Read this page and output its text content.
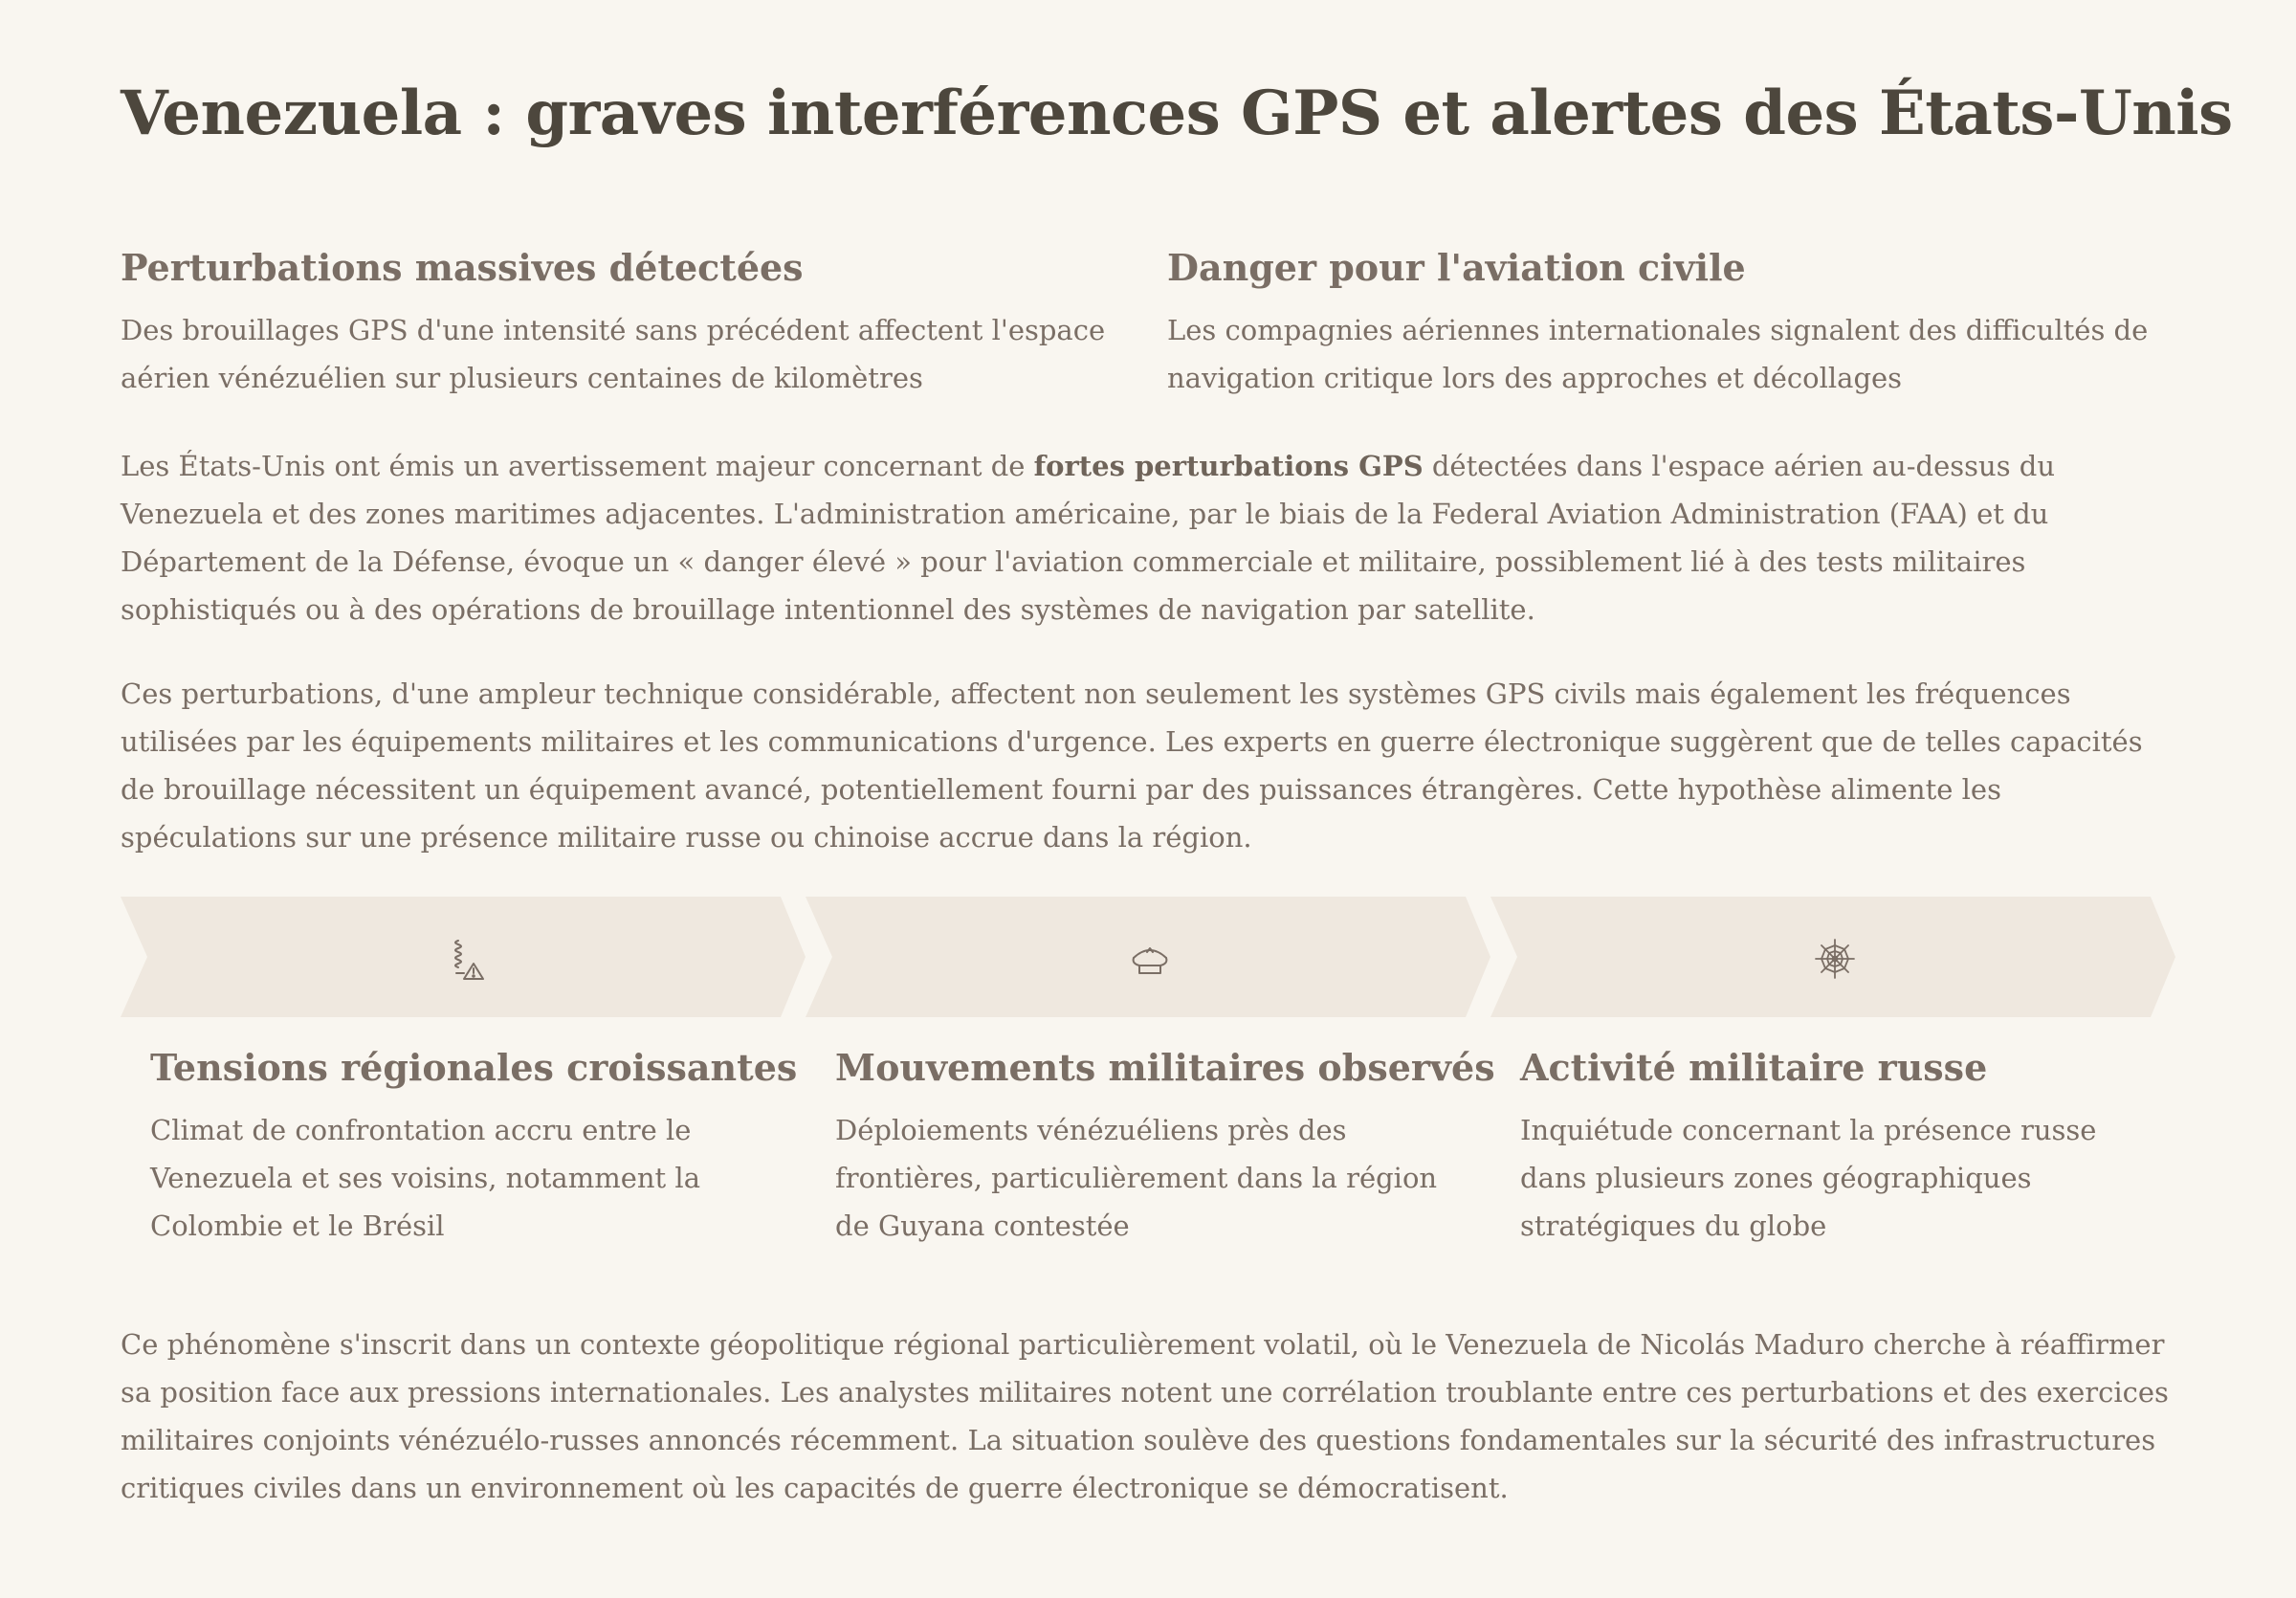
Venezuela : graves interférences GPS et alertes des États-Unis
Perturbations massives détectées

Des brouillages GPS d'une intensité sans précédent affectent l'espace aérien vénézuélien sur plusieurs centaines de kilomètres

Danger pour l'aviation civile

Les compagnies aériennes internationales signalent des difficultés de navigation critique lors des approches et décollages

Les États-Unis ont émis un avertissement majeur concernant de fortes perturbations GPS détectées dans l'espace aérien au-dessus du Venezuela et des zones maritimes adjacentes. L'administration américaine, par le biais de la Federal Aviation Administration (FAA) et du Département de la Défense, évoque un « danger élevé » pour l'aviation commerciale et militaire, possiblement lié à des tests militaires sophistiqués ou à des opérations de brouillage intentionnel des systèmes de navigation par satellite.

Ces perturbations, d'une ampleur technique considérable, affectent non seulement les systèmes GPS civils mais également les fréquences utilisées par les équipements militaires et les communications d'urgence. Les experts en guerre électronique suggèrent que de telles capacités de brouillage nécessitent un équipement avancé, potentiellement fourni par des puissances étrangères. Cette hypothèse alimente les spéculations sur une présence militaire russe ou chinoise accrue dans la région.

Tensions régionales croissantes

Climat de confrontation accru entre le Venezuela et ses voisins, notamment la Colombie et le Brésil

Mouvements militaires observés

Déploiements vénézuéliens près des frontières, particulièrement dans la région de Guyana contestée

Activité militaire russe

Inquiétude concernant la présence russe dans plusieurs zones géographiques stratégiques du globe

Ce phénomène s'inscrit dans un contexte géopolitique régional particulièrement volatil, où le Venezuela de Nicolás Maduro cherche à réaffirmer sa position face aux pressions internationales. Les analystes militaires notent une corrélation troublante entre ces perturbations et des exercices militaires conjoints vénézuélo-russes annoncés récemment. La situation soulève des questions fondamentales sur la sécurité des infrastructures critiques civiles dans un environnement où les capacités de guerre électronique se démocratisent.
